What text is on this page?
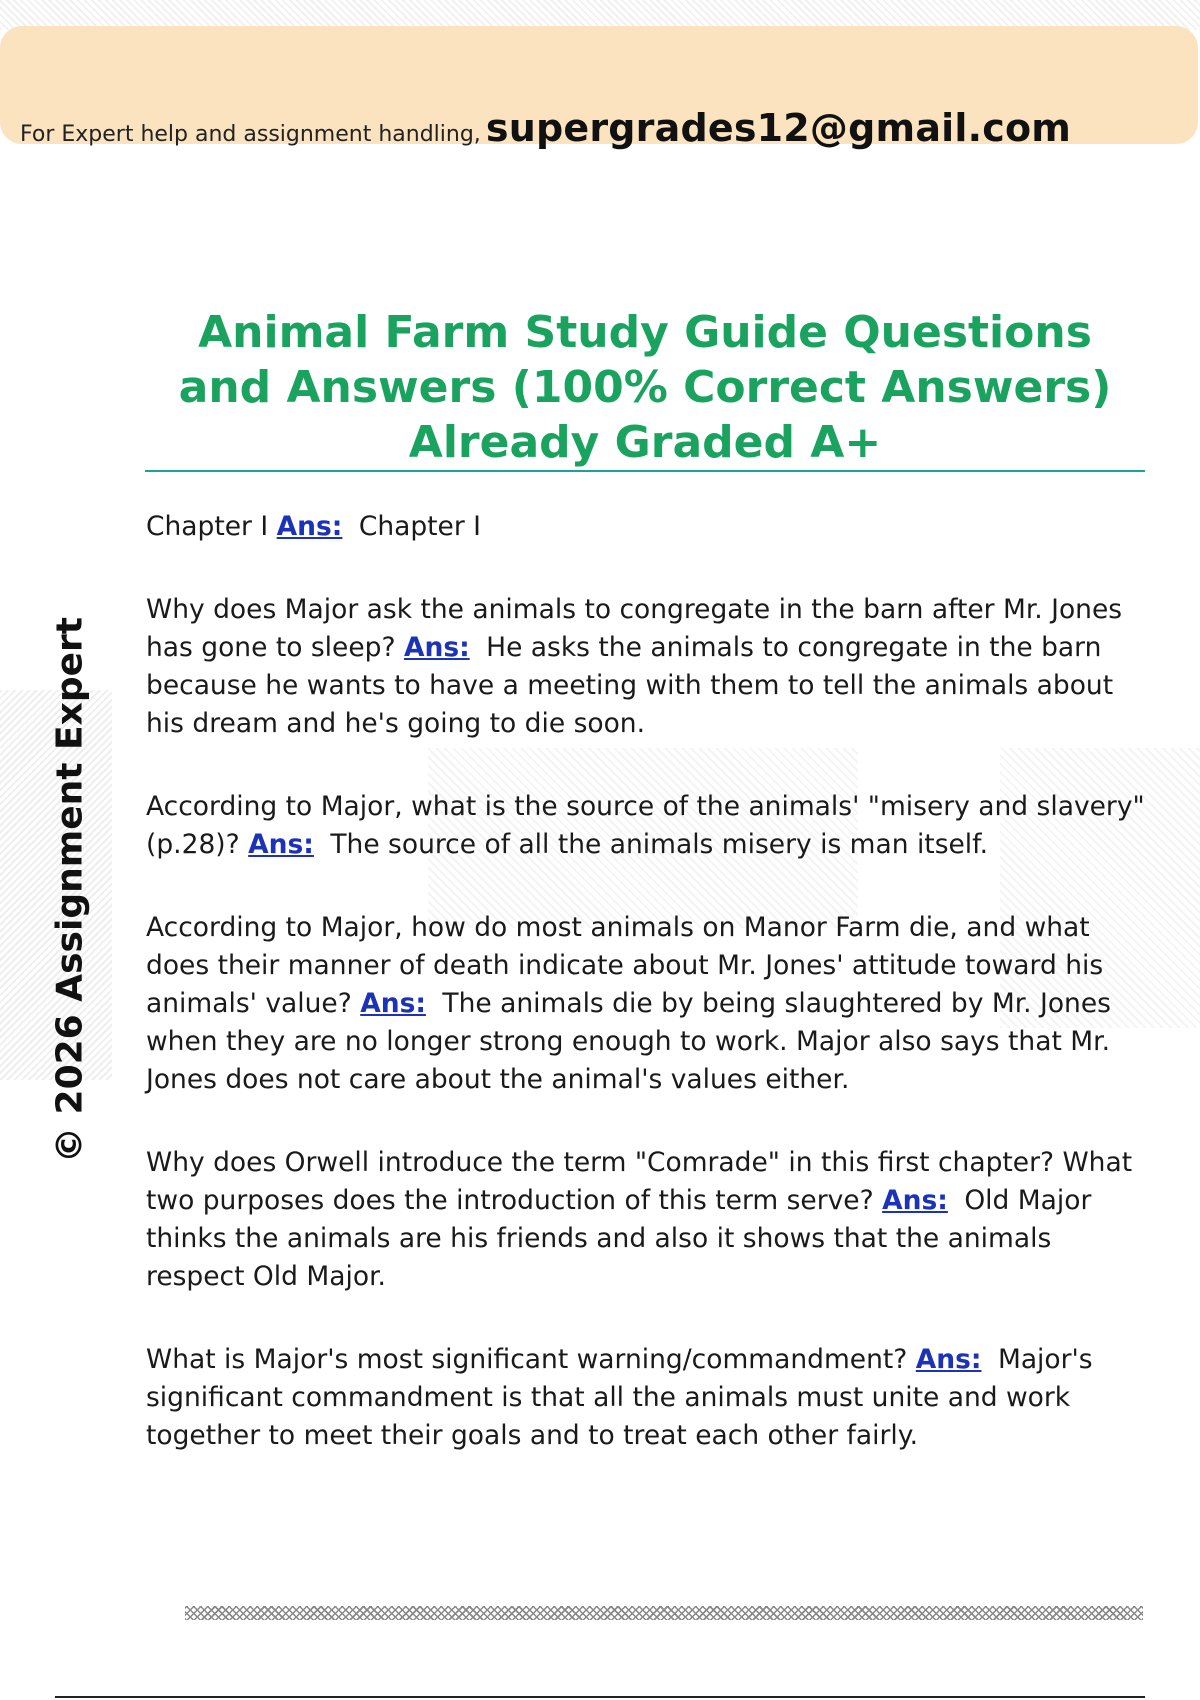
For Expert help and assignment handling, supergrades12@gmail.com
© 2026 Assignment Expert
Animal Farm Study Guide Questions and Answers (100% Correct Answers) Already Graded A+

Chapter I Ans: Chapter I

Why does Major ask the animals to congregate in the barn after Mr. Jones has gone to sleep? Ans: He asks the animals to congregate in the barn because he wants to have a meeting with them to tell the animals about his dream and he's going to die soon.

According to Major, what is the source of the animals' "misery and slavery" (p.28)? Ans: The source of all the animals misery is man itself.

According to Major, how do most animals on Manor Farm die, and what does their manner of death indicate about Mr. Jones' attitude toward his animals' value? Ans: The animals die by being slaughtered by Mr. Jones when they are no longer strong enough to work. Major also says that Mr. Jones does not care about the animal's values either.

Why does Orwell introduce the term "Comrade" in this first chapter? What two purposes does the introduction of this term serve? Ans: Old Major thinks the animals are his friends and also it shows that the animals respect Old Major.

What is Major's most significant warning/commandment? Ans: Major's significant commandment is that all the animals must unite and work together to meet their goals and to treat each other fairly.
